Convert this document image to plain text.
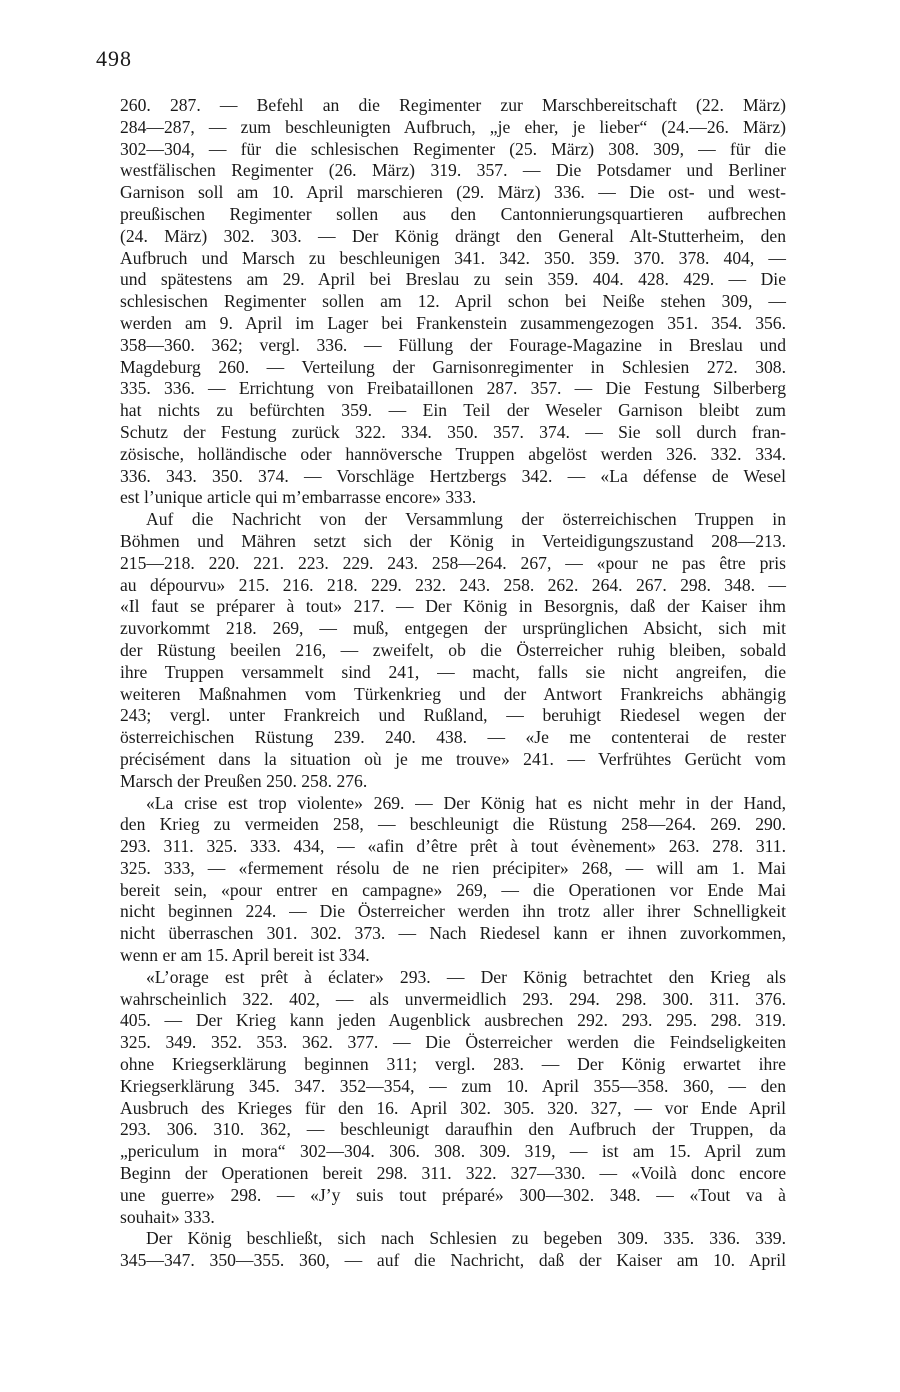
498
260. 287. — Befehl an die Regimenter zur Marschbereitschaft (22. März)
284—287, — zum beschleunigten Aufbruch, „je eher, je lieber“ (24.—26. März)
302—304, — für die schlesischen Regimenter (25. März) 308. 309, — für die
westfälischen Regimenter (26. März) 319. 357. — Die Potsdamer und Berliner
Garnison soll am 10. April marschieren (29. März) 336. — Die ost- und west-
preußischen Regimenter sollen aus den Cantonnierungsquartieren aufbrechen
(24. März) 302. 303. — Der König drängt den General Alt-Stutterheim, den
Aufbruch und Marsch zu beschleunigen 341. 342. 350. 359. 370. 378. 404, —
und spätestens am 29. April bei Breslau zu sein 359. 404. 428. 429. — Die
schlesischen Regimenter sollen am 12. April schon bei Neiße stehen 309, —
werden am 9. April im Lager bei Frankenstein zusammengezogen 351. 354. 356.
358—360. 362; vergl. 336. — Füllung der Fourage-Magazine in Breslau und
Magdeburg 260. — Verteilung der Garnisonregimenter in Schlesien 272. 308.
335. 336. — Errichtung von Freibataillonen 287. 357. — Die Festung Silberberg
hat nichts zu befürchten 359. — Ein Teil der Weseler Garnison bleibt zum
Schutz der Festung zurück 322. 334. 350. 357. 374. — Sie soll durch fran-
zösische, holländische oder hannöversche Truppen abgelöst werden 326. 332. 334.
336. 343. 350. 374. — Vorschläge Hertzbergs 342. — «La défense de Wesel
est l’unique article qui m’embarrasse encore» 333.
Auf die Nachricht von der Versammlung der österreichischen Truppen in
Böhmen und Mähren setzt sich der König in Verteidigungszustand 208—213.
215—218. 220. 221. 223. 229. 243. 258—264. 267, — «pour ne pas être pris
au dépourvu» 215. 216. 218. 229. 232. 243. 258. 262. 264. 267. 298. 348. —
«Il faut se préparer à tout» 217. — Der König in Besorgnis, daß der Kaiser ihm
zuvorkommt 218. 269, — muß, entgegen der ursprünglichen Absicht, sich mit
der Rüstung beeilen 216, — zweifelt, ob die Österreicher ruhig bleiben, sobald
ihre Truppen versammelt sind 241, — macht, falls sie nicht angreifen, die
weiteren Maßnahmen vom Türkenkrieg und der Antwort Frankreichs abhängig
243; vergl. unter Frankreich und Rußland, — beruhigt Riedesel wegen der
österreichischen Rüstung 239. 240. 438. — «Je me contenterai de rester
précisément dans la situation où je me trouve» 241. — Verfrühtes Gerücht vom
Marsch der Preußen 250. 258. 276.
«La crise est trop violente» 269. — Der König hat es nicht mehr in der Hand,
den Krieg zu vermeiden 258, — beschleunigt die Rüstung 258—264. 269. 290.
293. 311. 325. 333. 434, — «afin d’être prêt à tout évènement» 263. 278. 311.
325. 333, — «fermement résolu de ne rien précipiter» 268, — will am 1. Mai
bereit sein, «pour entrer en campagne» 269, — die Operationen vor Ende Mai
nicht beginnen 224. — Die Österreicher werden ihn trotz aller ihrer Schnelligkeit
nicht überraschen 301. 302. 373. — Nach Riedesel kann er ihnen zuvorkommen,
wenn er am 15. April bereit ist 334.
«L’orage est prêt à éclater» 293. — Der König betrachtet den Krieg als
wahrscheinlich 322. 402, — als unvermeidlich 293. 294. 298. 300. 311. 376.
405. — Der Krieg kann jeden Augenblick ausbrechen 292. 293. 295. 298. 319.
325. 349. 352. 353. 362. 377. — Die Österreicher werden die Feindseligkeiten
ohne Kriegserklärung beginnen 311; vergl. 283. — Der König erwartet ihre
Kriegserklärung 345. 347. 352—354, — zum 10. April 355—358. 360, — den
Ausbruch des Krieges für den 16. April 302. 305. 320. 327, — vor Ende April
293. 306. 310. 362, — beschleunigt daraufhin den Aufbruch der Truppen, da
„periculum in mora“ 302—304. 306. 308. 309. 319, — ist am 15. April zum
Beginn der Operationen bereit 298. 311. 322. 327—330. — «Voilà donc encore
une guerre» 298. — «J’y suis tout préparé» 300—302. 348. — «Tout va à
souhait» 333.
Der König beschließt, sich nach Schlesien zu begeben 309. 335. 336. 339.
345—347. 350—355. 360, — auf die Nachricht, daß der Kaiser am 10. April
